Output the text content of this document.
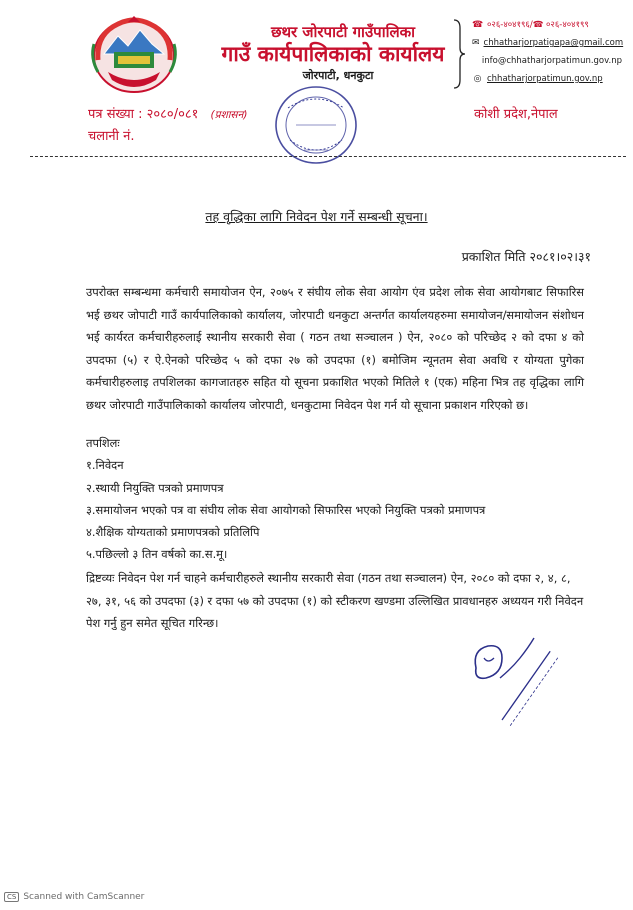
छथर जोरपाटी गाउँपालिका
गाउँ कार्यपालिकाको कार्यालय
जोरपाटी, धनकुटा
☎ ०२६-४०४१९६/☎ ०२६-४०४१९९
✉ chhatharjorpatigapa@gmail.com
info@chhatharjorpatimun.gov.np
◎ chhatharjorpatimun.gov.np
पत्र संख्या : २०८०/०८१ (प्रशासन)
चलानी नं.
कोशी प्रदेश,नेपाल
तह वृद्धिका लागि निवेदन पेश गर्ने सम्बन्धी सूचना।
प्रकाशित मिति २०८१।०२।३१

उपरोक्त सम्बन्धमा कर्मचारी समायोजन ऐन, २०७५ र संघीय लोक सेवा आयोग एंव प्रदेश लोक सेवा आयोगबाट सिफारिस भई छथर जोपाटी गाउँ कार्यपालिकाको कार्यालय, जोरपाटी धनकुटा अन्तर्गत कार्यालयहरुमा समायोजन/समायोजन संशोधन भई कार्यरत कर्मचारीहरुलाई स्थानीय सरकारी सेवा ( गठन तथा सञ्चालन ) ऐन, २०८० को परिच्छेद २ को दफा ४ को उपदफा (५) र ऐ.ऐनको परिच्छेद ५ को दफा २७ को उपदफा (१) बमोजिम न्यूनतम सेवा अवधि र योग्यता पुगेका कर्मचारीहरुलाइ तपशिलका कागजातहरु सहित यो सूचना प्रकाशित भएको मितिले १ (एक) महिना भित्र तह वृद्धिका लागि छथर जोरपाटी गाउँपालिकाको कार्यालय जोरपाटी, धनकुटामा निवेदन पेश गर्न यो सूचाना प्रकाशन गरिएको छ।

तपशिलः
१.निवेदन
२.स्थायी नियुक्ति पत्रको प्रमाणपत्र
३.समायोजन भएको पत्र वा संघीय लोक सेवा आयोगको सिफारिस भएको नियुक्ति पत्रको प्रमाणपत्र
४.शैक्षिक योग्यताको प्रमाणपत्रको प्रतिलिपि
५.पछिल्लो ३ तिन वर्षको का.स.मू।
द्रिष्टव्यः निवेदन पेश गर्न चाहने कर्मचारीहरुले स्थानीय सरकारी सेवा (गठन तथा सञ्चालन) ऐन, २०८० को दफा २, ४, ८, २७, ३१, ५६ को उपदफा (३) र दफा ५७ को उपदफा (१) को स्टीकरण खण्डमा उल्लिखित प्रावधानहरु अध्ययन गरी निवेदन पेश गर्नु हुन समेत सूचित गरिन्छ।
CS Scanned with CamScanner
